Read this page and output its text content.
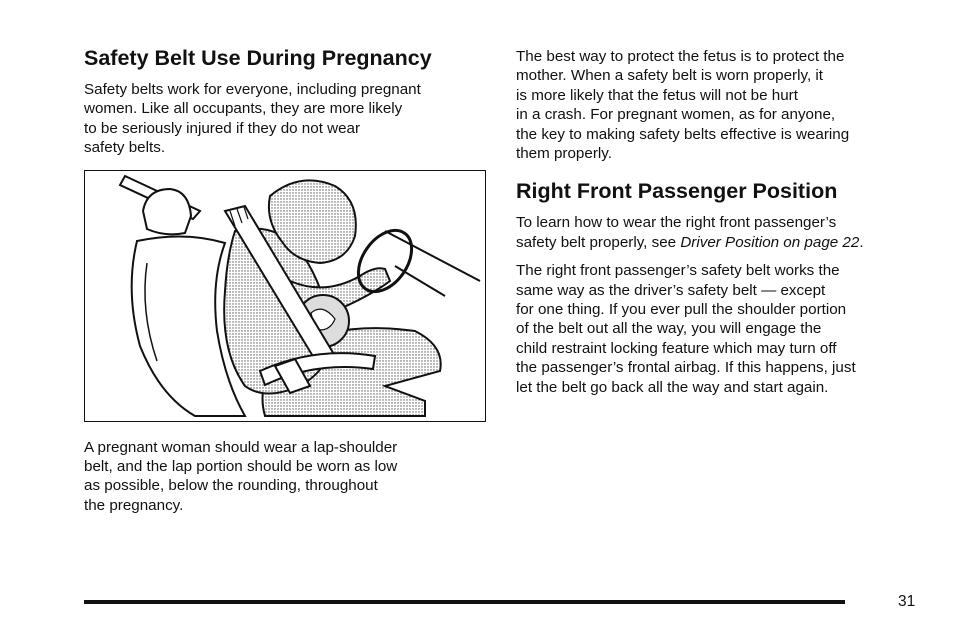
Safety Belt Use During Pregnancy

Safety belts work for everyone, including pregnant
women. Like all occupants, they are more likely
to be seriously injured if they do not wear
safety belts.

A pregnant woman should wear a lap-shoulder
belt, and the lap portion should be worn as low
as possible, below the rounding, throughout
the pregnancy.

The best way to protect the fetus is to protect the
mother. When a safety belt is worn properly, it
is more likely that the fetus will not be hurt
in a crash. For pregnant women, as for anyone,
the key to making safety belts effective is wearing
them properly.

Right Front Passenger Position

To learn how to wear the right front passenger’s
safety belt properly, see Driver Position on page 22.

The right front passenger’s safety belt works the
same way as the driver’s safety belt — except
for one thing. If you ever pull the shoulder portion
of the belt out all the way, you will engage the
child restraint locking feature which may turn off
the passenger’s frontal airbag. If this happens, just
let the belt go back all the way and start again.

31
